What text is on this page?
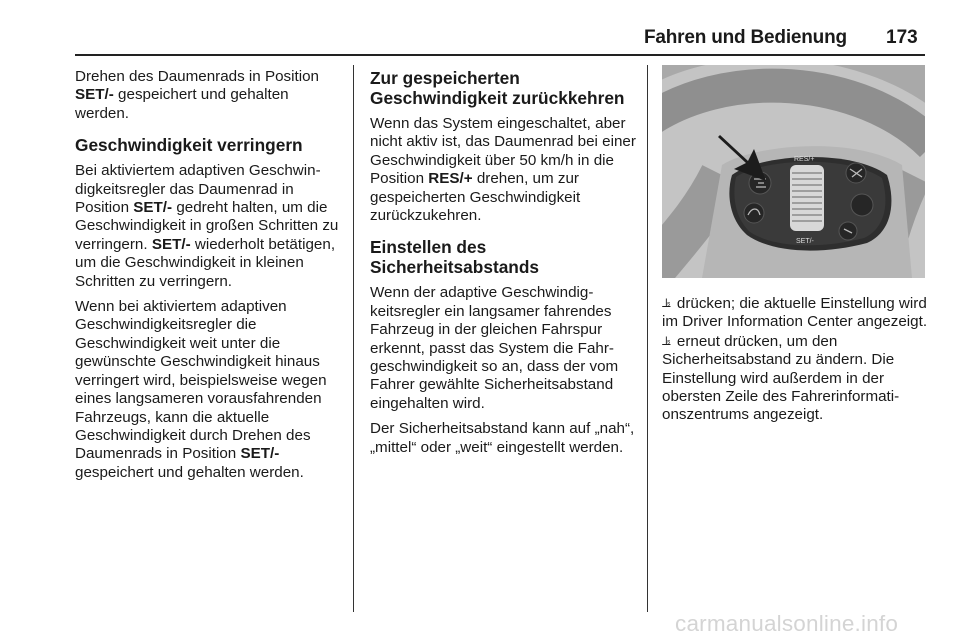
Fahren und Bedienung 173

Drehen des Daumenrads in Position
SET/- gespeichert und gehalten werden.

Geschwindigkeit verringern

Bei aktiviertem adaptiven Geschwindigkeitsregler das Daumenrad in Position SET/- gedreht halten, um die Geschwindigkeit in großen Schritten zu verringern. SET/- wiederholt betätigen, um die Geschwindigkeit in kleinen Schritten zu verringern.

Wenn bei aktiviertem adaptiven Geschwindigkeitsregler die Geschwindigkeit weit unter die gewünschte Geschwindigkeit hinaus verringert wird, beispielsweise wegen eines langsameren vorausfahrenden Fahrzeugs, kann die aktuelle Geschwindigkeit durch Drehen des Daumenrads in Position SET/- gespeichert und gehalten werden.

Zur gespeicherten Geschwindigkeit zurückkehren

Wenn das System eingeschaltet, aber nicht aktiv ist, das Daumenrad bei einer Geschwindigkeit über 50 km/h in die Position RES/+ drehen, um zur gespeicherten Geschwindigkeit zurückzukehren.

Einstellen des Sicherheitsabstands

Wenn der adaptive Geschwindigkeitsregler ein langsamer fahrendes Fahrzeug in der gleichen Fahrspur erkennt, passt das System die Fahrgeschwindigkeit so an, dass der vom Fahrer gewählte Sicherheitsabstand eingehalten wird.

Der Sicherheitsabstand kann auf „nah“, „mittel“ oder „weit“ eingestellt werden.

RES/+
SET/-

⫡ drücken; die aktuelle Einstellung wird im Driver Information Center angezeigt. ⫡ erneut drücken, um den Sicherheitsabstand zu ändern. Die Einstellung wird außerdem in der obersten Zeile des Fahrerinformationszentrums angezeigt.

carmanualsonline.info
